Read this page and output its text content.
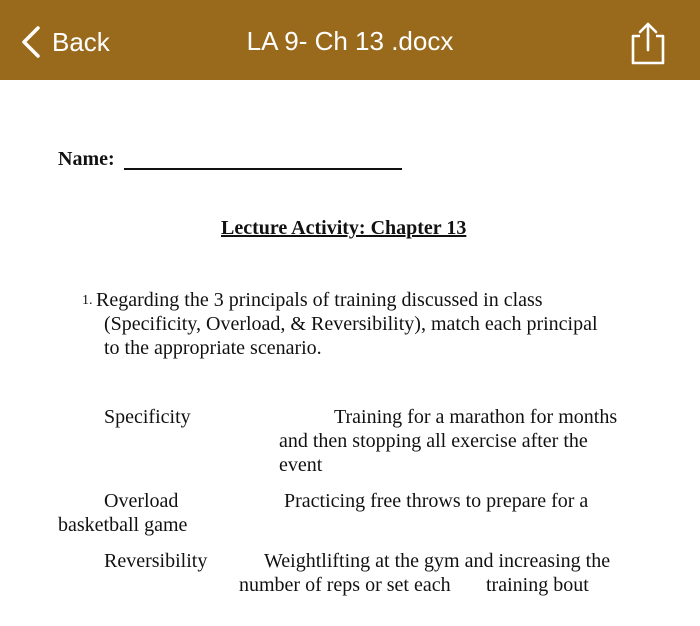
Back	LA 9- Ch 13 .docx
Name:
Lecture Activity: Chapter 13
1. Regarding the 3 principals of training discussed in class
(Specificity, Overload, & Reversibility), match each principal
to the appropriate scenario.
Specificity	Training for a marathon for months
and then stopping all exercise after the
event
Overload	Practicing free throws to prepare for a
basketball game
Reversibility	Weightlifting at the gym and increasing the
number of reps or set each training bout
